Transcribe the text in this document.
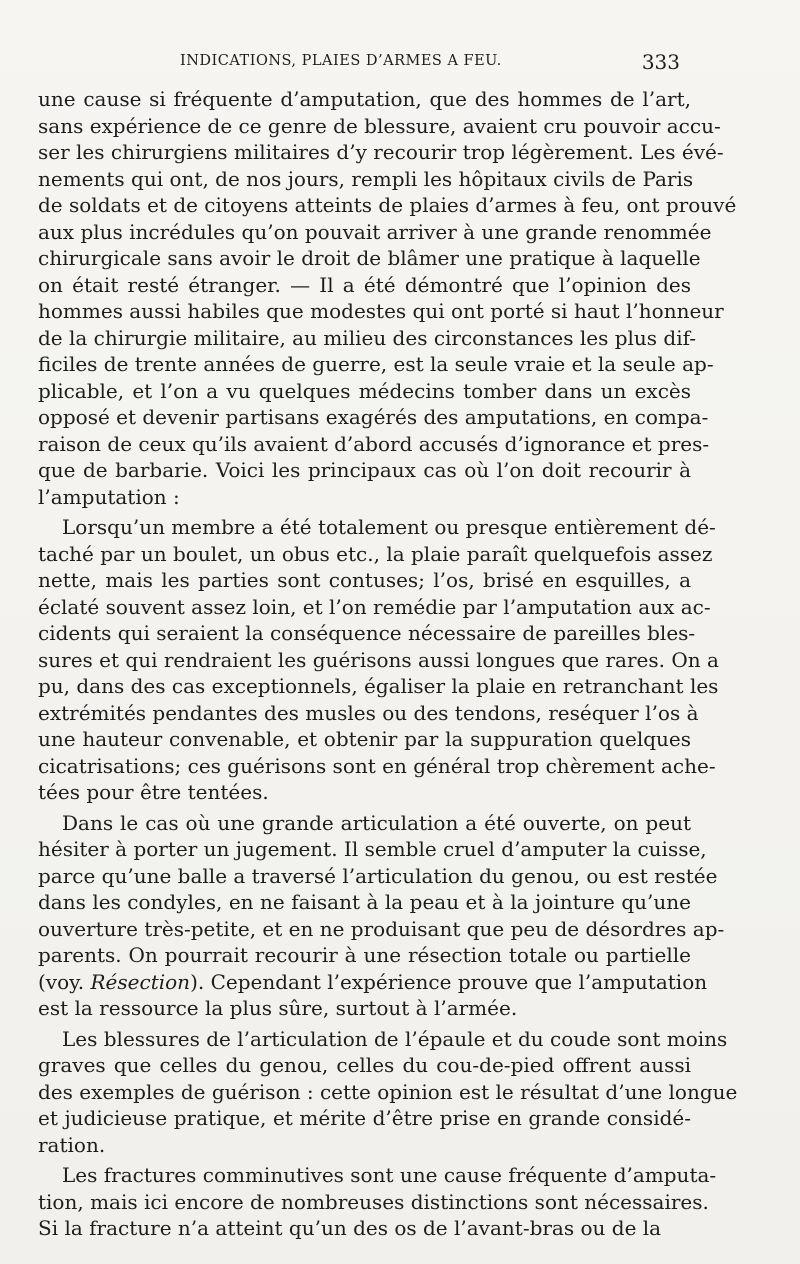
INDICATIONS, PLAIES D’ARMES A FEU.	333
une cause si fréquente d’amputation, que des hommes de l’art,
sans expérience de ce genre de blessure, avaient cru pouvoir accu-
ser les chirurgiens militaires d’y recourir trop légèrement. Les évé-
nements qui ont, de nos jours, rempli les hôpitaux civils de Paris
de soldats et de citoyens atteints de plaies d’armes à feu, ont prouvé
aux plus incrédules qu’on pouvait arriver à une grande renommée
chirurgicale sans avoir le droit de blâmer une pratique à laquelle
on était resté étranger. — Il a été démontré que l’opinion des
hommes aussi habiles que modestes qui ont porté si haut l’honneur
de la chirurgie militaire, au milieu des circonstances les plus dif-
ficiles de trente années de guerre, est la seule vraie et la seule ap-
plicable, et l’on a vu quelques médecins tomber dans un excès
opposé et devenir partisans exagérés des amputations, en compa-
raison de ceux qu’ils avaient d’abord accusés d’ignorance et pres-
que de barbarie. Voici les principaux cas où l’on doit recourir à
l’amputation :
Lorsqu’un membre a été totalement ou presque entièrement dé-
taché par un boulet, un obus etc., la plaie paraît quelquefois assez
nette, mais les parties sont contuses; l’os, brisé en esquilles, a
éclaté souvent assez loin, et l’on remédie par l’amputation aux ac-
cidents qui seraient la conséquence nécessaire de pareilles bles-
sures et qui rendraient les guérisons aussi longues que rares. On a
pu, dans des cas exceptionnels, égaliser la plaie en retranchant les
extrémités pendantes des musles ou des tendons, reséquer l’os à
une hauteur convenable, et obtenir par la suppuration quelques
cicatrisations; ces guérisons sont en général trop chèrement ache-
tées pour être tentées.
Dans le cas où une grande articulation a été ouverte, on peut
hésiter à porter un jugement. Il semble cruel d’amputer la cuisse,
parce qu’une balle a traversé l’articulation du genou, ou est restée
dans les condyles, en ne faisant à la peau et à la jointure qu’une
ouverture très-petite, et en ne produisant que peu de désordres ap-
parents. On pourrait recourir à une résection totale ou partielle
(voy. Résection). Cependant l’expérience prouve que l’amputation
est la ressource la plus sûre, surtout à l’armée.
Les blessures de l’articulation de l’épaule et du coude sont moins
graves que celles du genou, celles du cou-de-pied offrent aussi
des exemples de guérison : cette opinion est le résultat d’une longue
et judicieuse pratique, et mérite d’être prise en grande considé-
ration.
Les fractures comminutives sont une cause fréquente d’amputa-
tion, mais ici encore de nombreuses distinctions sont nécessaires.
Si la fracture n’a atteint qu’un des os de l’avant-bras ou de la
